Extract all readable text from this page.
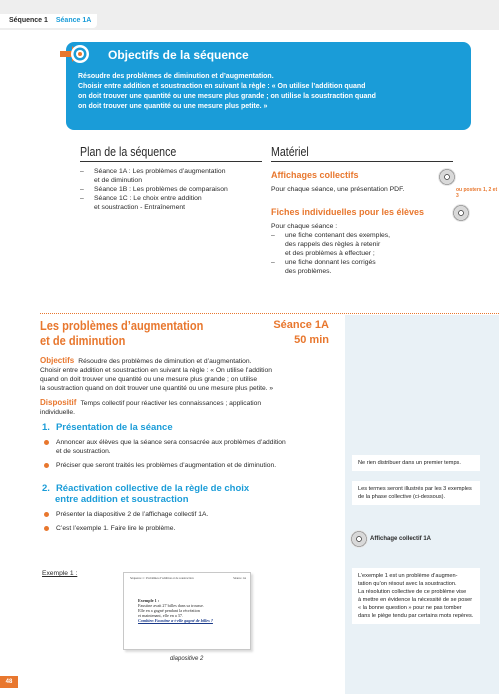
Séquence 1 Séance 1A
Objectifs de la séquence
Résoudre des problèmes de diminution et d’augmentation.
Choisir entre addition et soustraction en suivant la règle : « On utilise l’addition quand
on doit trouver une quantité ou une mesure plus grande ; on utilise la soustraction quand
on doit trouver une quantité ou une mesure plus petite. »
Plan de la séquence
– Séance 1A : Les problèmes d’augmentation
et de diminution
– Séance 1B : Les problèmes de comparaison
– Séance 1C : Le choix entre addition
et soustraction - Entraînement
Matériel
Affichages collectifs
Pour chaque séance, une présentation PDF.	ou posters 1, 2 et 3
Fiches individuelles pour les élèves
Pour chaque séance :
– une fiche contenant des exemples,
des rappels des règles à retenir
et des problèmes à effectuer ;
– une fiche donnant les corrigés
des problèmes.
Les problèmes d’augmentation
et de diminution
Séance 1A
50 min
Objectifs Résoudre des problèmes de diminution et d’augmentation.
Choisir entre addition et soustraction en suivant la règle : « On utilise l’addition
quand on doit trouver une quantité ou une mesure plus grande ; on utilise
la soustraction quand on doit trouver une quantité ou une mesure plus petite. »
Dispositif Temps collectif pour réactiver les connaissances ; application
individuelle.
1. Présentation de la séance
Annoncer aux élèves que la séance sera consacrée aux problèmes d’addition
et de soustraction.
Préciser que seront traités les problèmes d’augmentation et de diminution.
2. Réactivation collective de la règle de choix
entre addition et soustraction
Présenter la diapositive 2 de l’affichage collectif 1A.
C’est l’exemple 1. Faire lire le problème.
Exemple 1 :
Séquence 1 : Problèmes d’addition et de soustraction	Séance 1A
Exemple 1 :
Faustine avait 27 billes dans sa trousse.
Elle en a gagné pendant la récréation
et maintenant, elle en a 37.
Combien Faustine a-t-elle gagné de billes ?
diapositive 2
Ne rien distribuer dans un premier temps.
Les termes seront illustrés par les 3 exemples
de la phase collective (ci-dessous).
Affichage collectif 1A
L’exemple 1 est un problème d’augmen-
tation qu’on résout avec la soustraction.
La résolution collective de ce problème vise
à mettre en évidence la nécessité de se poser
« la bonne question » pour ne pas tomber
dans le piège tendu par certains mots repères.
48
